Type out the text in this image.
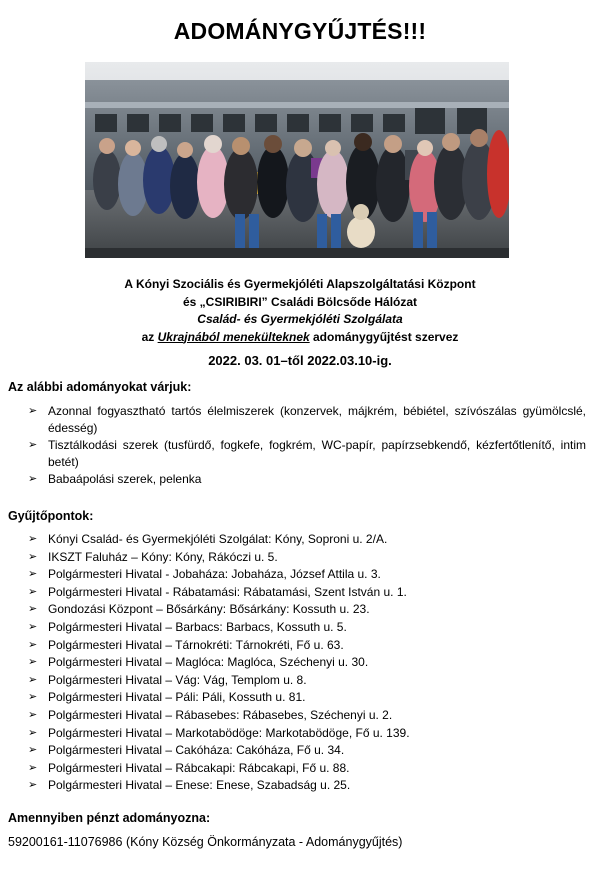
ADOMÁNYGYŰJTÉS!!!
A Kónyi Szociális és Gyermekjóléti Alapszolgáltatási Központ
és „CSIRIBIRI” Családi Bölcsőde Hálózat
Család- és Gyermekjóléti Szolgálata
az Ukrajnából menekülteknek adománygyűjtést szervez
2022. 03. 01–től 2022.03.10-ig.
Az alábbi adományokat várjuk:
➢ Azonnal fogyasztható tartós élelmiszerek (konzervek, májkrém, bébiétel, szívószálas gyümölcslé, édesség)
➢ Tisztálkodási szerek (tusfürdő, fogkefe, fogkrém, WC-papír, papírzsebkendő, kézfertőtlenítő, intim betét)
➢ Babaápolási szerek, pelenka
Gyűjtőpontok:
➢ Kónyi Család- és Gyermekjóléti Szolgálat: Kóny, Soproni u. 2/A.
➢ IKSZT Faluház – Kóny: Kóny, Rákóczi u. 5.
➢ Polgármesteri Hivatal - Jobaháza: Jobaháza, József Attila u. 3.
➢ Polgármesteri Hivatal - Rábatamási: Rábatamási, Szent István u. 1.
➢ Gondozási Központ – Bősárkány: Bősárkány: Kossuth u. 23.
➢ Polgármesteri Hivatal – Barbacs: Barbacs, Kossuth u. 5.
➢ Polgármesteri Hivatal – Tárnokréti: Tárnokréti, Fő u. 63.
➢ Polgármesteri Hivatal – Maglóca: Maglóca, Széchenyi u. 30.
➢ Polgármesteri Hivatal – Vág: Vág, Templom u. 8.
➢ Polgármesteri Hivatal – Páli: Páli, Kossuth u. 81.
➢ Polgármesteri Hivatal – Rábasebes: Rábasebes, Széchenyi u. 2.
➢ Polgármesteri Hivatal – Markotabödöge: Markotabödöge, Fő u. 139.
➢ Polgármesteri Hivatal – Cakóháza: Cakóháza, Fő u. 34.
➢ Polgármesteri Hivatal – Rábcakapi: Rábcakapi, Fő u. 88.
➢ Polgármesteri Hivatal – Enese: Enese, Szabadság u. 25.
Amennyiben pénzt adományozna:
59200161-11076986 (Kóny Község Önkormányzata - Adománygyűjtés)
